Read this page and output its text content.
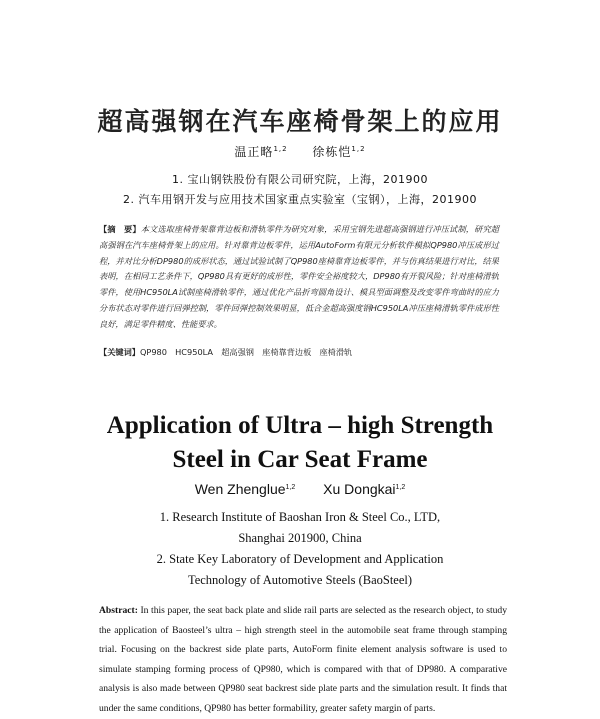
超高强钢在汽车座椅骨架上的应用
温正略$^{1,2}$ 徐栋恺$^{1,2}$
1. 宝山钢铁股份有限公司研究院，上海，201900
2. 汽车用钢开发与应用技术国家重点实验室（宝钢），上海，201900
【摘　要】本文选取座椅骨架靠背边板和滑轨零件为研究对象，采用宝钢先进超高强钢进行冲压试制，研究超高强钢在汽车座椅骨架上的应用。针对靠背边板零件，运用AutoForm有限元分析软件模拟QP980冲压成形过程，并对比分析DP980的成形状态，通过试验试制了QP980座椅靠背边板零件，并与仿真结果进行对比，结果表明，在相同工艺条件下，QP980具有更好的成形性，零件安全裕度较大，DP980有开裂风险；针对座椅滑轨零件，使用HC950LA试制座椅滑轨零件，通过优化产品折弯圆角设计、模具型面调整及改变零件弯曲时的应力分布状态对零件进行回弹控制，零件回弹控制效果明显，低合金超高强度钢HC950LA冲压座椅滑轨零件成形性良好，满足零件精度、性能要求。
【关键词】QP980　HC950LA　超高强钢　座椅靠背边板　座椅滑轨
Application of Ultra – high Strength
Steel in Car Seat Frame
Wen Zhenglue$^{1,2}$ Xu Dongkai$^{1,2}$
1. Research Institute of Baoshan Iron & Steel Co., LTD,
Shanghai 201900, China
2. State Key Laboratory of Development and Application
Technology of Automotive Steels (BaoSteel)
Abstract: In this paper, the seat back plate and slide rail parts are selected as the research object, to study the application of Baosteel’s ultra – high strength steel in the automobile seat frame through stamping trial. Focusing on the backrest side plate parts, AutoForm finite element analysis software is used to simulate stamping forming process of QP980, which is compared with that of DP980. A comparative analysis is also made between QP980 seat backrest side plate parts and the simulation result. It finds that under the same conditions, QP980 has better formability, greater safety margin of parts.
